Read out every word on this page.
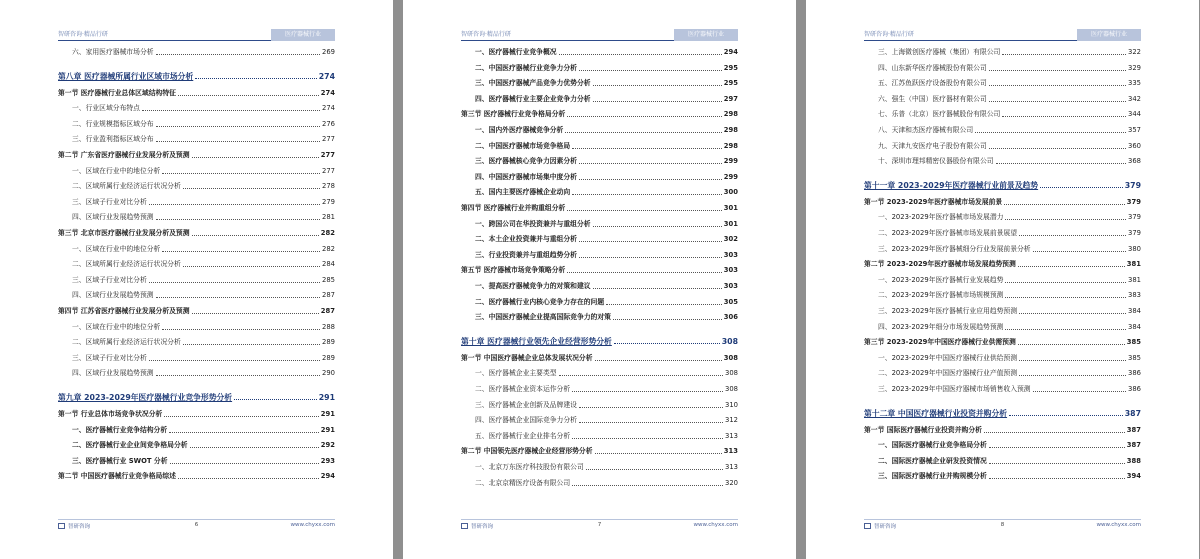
智研咨询·精品行研	医疗器械行业
六、家用医疗器械市场分析	269
第八章 医疗器械所属行业区域市场分析	274
第一节 医疗器械行业总体区域结构特征	274
一、行业区域分布特点	274
二、行业规模指标区域分布	276
三、行业盈利指标区域分布	277
第二节 广东省医疗器械行业发展分析及预测	277
一、区域在行业中的地位分析	277
二、区域所属行业经济运行状况分析	278
三、区域子行业对比分析	279
四、区域行业发展趋势预测	281
第三节 北京市医疗器械行业发展分析及预测	282
一、区域在行业中的地位分析	282
二、区域所属行业经济运行状况分析	284
三、区域子行业对比分析	285
四、区域行业发展趋势预测	287
第四节 江苏省医疗器械行业发展分析及预测	287
一、区域在行业中的地位分析	288
二、区域所属行业经济运行状况分析	289
三、区域子行业对比分析	289
四、区域行业发展趋势预测	290
第九章 2023-2029年医疗器械行业竞争形势分析	291
第一节 行业总体市场竞争状况分析	291
一、医疗器械行业竞争结构分析	291
二、医疗器械行业企业间竞争格局分析	292
三、医疗器械行业 SWOT 分析	293
第二节 中国医疗器械行业竞争格局综述	294
智研咨询	6	www.chyxx.com
智研咨询·精品行研	医疗器械行业
一、医疗器械行业竞争概况	294
二、中国医疗器械行业竞争力分析	295
三、中国医疗器械产品竞争力优势分析	295
四、医疗器械行业主要企业竞争力分析	297
第三节 医疗器械行业竞争格局分析	298
一、国内外医疗器械竞争分析	298
二、中国医疗器械市场竞争格局	298
三、医疗器械核心竞争力因素分析	299
四、中国医疗器械市场集中度分析	299
五、国内主要医疗器械企业动向	300
第四节 医疗器械行业并购重组分析	301
一、跨国公司在华投资兼并与重组分析	301
二、本土企业投资兼并与重组分析	302
三、行业投资兼并与重组趋势分析	303
第五节 医疗器械市场竞争策略分析	303
一、提高医疗器械竞争力的对策和建议	303
二、医疗器械行业内核心竞争力存在的问题	305
三、中国医疗器械企业提高国际竞争力的对策	306
第十章 医疗器械行业领先企业经营形势分析	308
第一节 中国医疗器械企业总体发展状况分析	308
一、医疗器械企业主要类型	308
二、医疗器械企业资本运作分析	308
三、医疗器械企业创新及品牌建设	310
四、医疗器械企业国际竞争力分析	312
五、医疗器械行业企业排名分析	313
第二节 中国领先医疗器械企业经营形势分析	313
一、北京万东医疗科技股份有限公司	313
二、北京京精医疗设备有限公司	320
智研咨询	7	www.chyxx.com
智研咨询·精品行研	医疗器械行业
三、上海微创医疗器械（集团）有限公司	322
四、山东新华医疗器械股份有限公司	329
五、江苏鱼跃医疗设备股份有限公司	335
六、强生（中国）医疗器材有限公司	342
七、乐普（北京）医疗器械股份有限公司	344
八、天津和杰医疗器械有限公司	357
九、天津九安医疗电子股份有限公司	360
十、深圳市理邦精密仪器股份有限公司	368
第十一章 2023-2029年医疗器械行业前景及趋势	379
第一节 2023-2029年医疗器械市场发展前景	379
一、2023-2029年医疗器械市场发展潜力	379
二、2023-2029年医疗器械市场发展前景展望	379
三、2023-2029年医疗器械细分行业发展前景分析	380
第二节 2023-2029年医疗器械市场发展趋势预测	381
一、2023-2029年医疗器械行业发展趋势	381
二、2023-2029年医疗器械市场规模预测	383
三、2023-2029年医疗器械行业应用趋势预测	384
四、2023-2029年细分市场发展趋势预测	384
第三节 2023-2029年中国医疗器械行业供需预测	385
一、2023-2029年中国医疗器械行业供给预测	385
二、2023-2029年中国医疗器械行业产值预测	386
三、2023-2029年中国医疗器械市场销售收入预测	386
第十二章 中国医疗器械行业投资并购分析	387
第一节 国际医疗器械行业投资并购分析	387
一、国际医疗器械行业竞争格局分析	387
二、国际医疗器械企业研发投资情况	388
三、国际医疗器械行业并购规模分析	394
智研咨询	8	www.chyxx.com
